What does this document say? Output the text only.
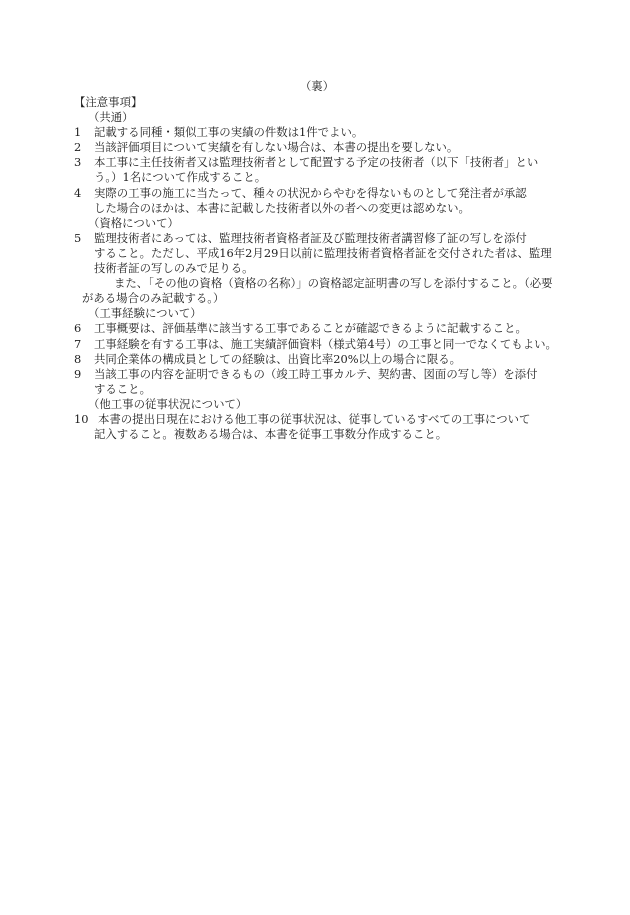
（裏）
【注意事項】
（共通）
1	記載する同種・類似工事の実績の件数は1件でよい。
2	当該評価項目について実績を有しない場合は、本書の提出を要しない。
3	本工事に主任技術者又は監理技術者として配置する予定の技術者（以下「技術者」とい
う。）1名について作成すること。
4	実際の工事の施工に当たって、種々の状況からやむを得ないものとして発注者が承認
した場合のほかは、本書に記載した技術者以外の者への変更は認めない。
（資格について）
5	監理技術者にあっては、監理技術者資格者証及び監理技術者講習修了証の写しを添付
すること。ただし、平成16年2月29日以前に監理技術者資格者証を交付された者は、監理
技術者証の写しのみで足りる。
また、「その他の資格（資格の名称）」の資格認定証明書の写しを添付すること。（必要
がある場合のみ記載する。）
（工事経験について）
6	工事概要は、評価基準に該当する工事であることが確認できるように記載すること。
7	工事経験を有する工事は、施工実績評価資料（様式第4号）の工事と同一でなくてもよい。
8	共同企業体の構成員としての経験は、出資比率20%以上の場合に限る。
9	当該工事の内容を証明できるもの（竣工時工事カルテ、契約書、図面の写し等）を添付
すること。
（他工事の従事状況について）
10 本書の提出日現在における他工事の従事状況は、従事しているすべての工事について
記入すること。複数ある場合は、本書を従事工事数分作成すること。
